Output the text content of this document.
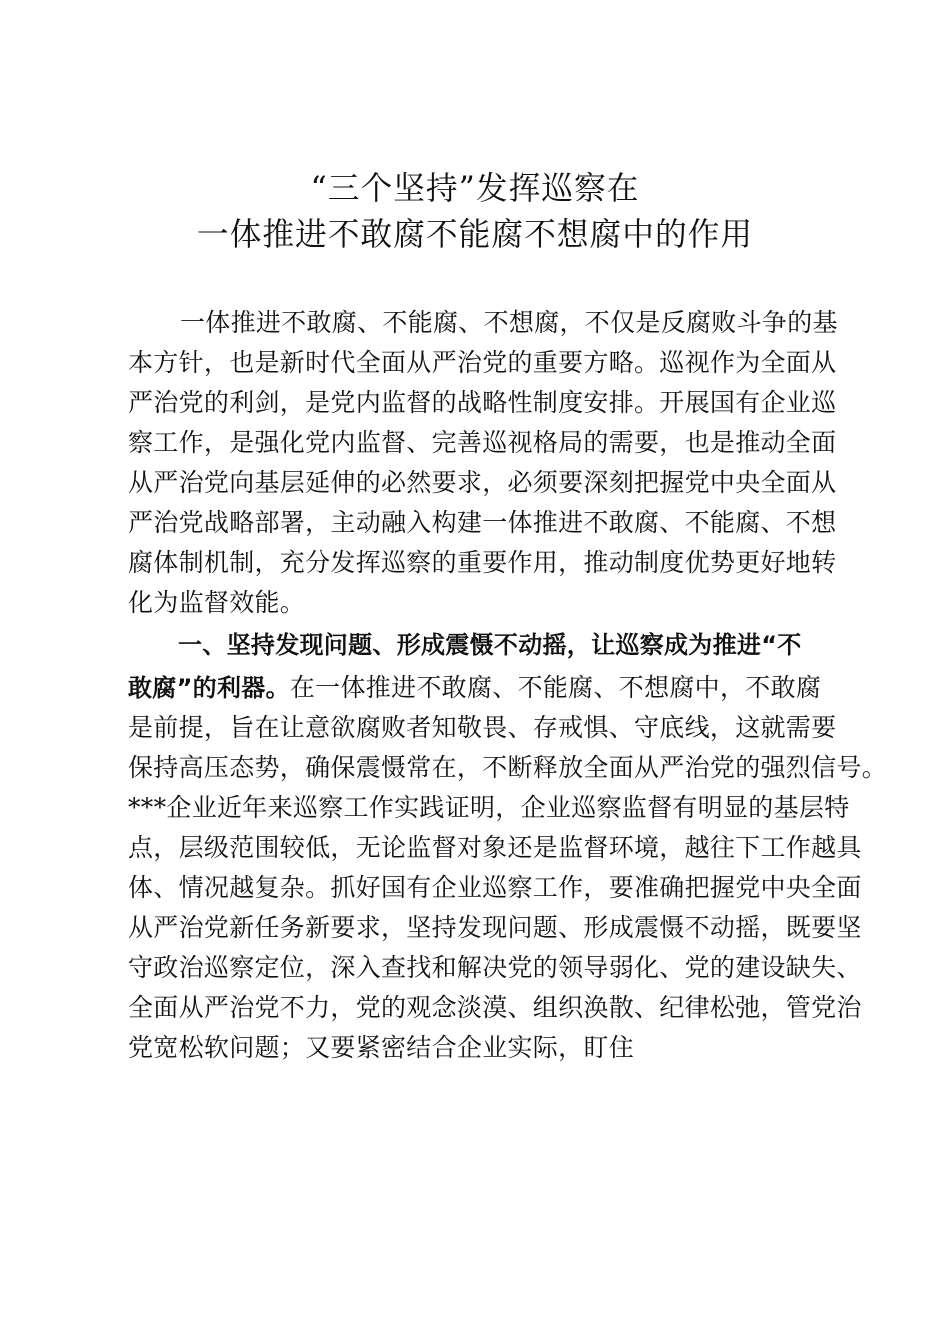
“三个坚持”发挥巡察在
一体推进不敢腐不能腐不想腐中的作用
一体推进不敢腐、不能腐、不想腐，不仅是反腐败斗争的基
本方针，也是新时代全面从严治党的重要方略。巡视作为全面从
严治党的利剑，是党内监督的战略性制度安排。开展国有企业巡
察工作，是强化党内监督、完善巡视格局的需要，也是推动全面
从严治党向基层延伸的必然要求，必须要深刻把握党中央全面从
严治党战略部署，主动融入构建一体推进不敢腐、不能腐、不想
腐体制机制，充分发挥巡察的重要作用，推动制度优势更好地转
化为监督效能。
一、坚持发现问题、形成震慑不动摇，让巡察成为推进“不
敢腐”的利器。在一体推进不敢腐、不能腐、不想腐中，不敢腐
是前提，旨在让意欲腐败者知敬畏、存戒惧、守底线，这就需要
保持高压态势，确保震慑常在，不断释放全面从严治党的强烈信号。
***企业近年来巡察工作实践证明，企业巡察监督有明显的基层特
点，层级范围较低，无论监督对象还是监督环境，越往下工作越具
体、情况越复杂。抓好国有企业巡察工作，要准确把握党中央全面
从严治党新任务新要求，坚持发现问题、形成震慑不动摇，既要坚
守政治巡察定位，深入查找和解决党的领导弱化、党的建设缺失、
全面从严治党不力，党的观念淡漠、组织涣散、纪律松弛，管党治
党宽松软问题；又要紧密结合企业实际，盯住
